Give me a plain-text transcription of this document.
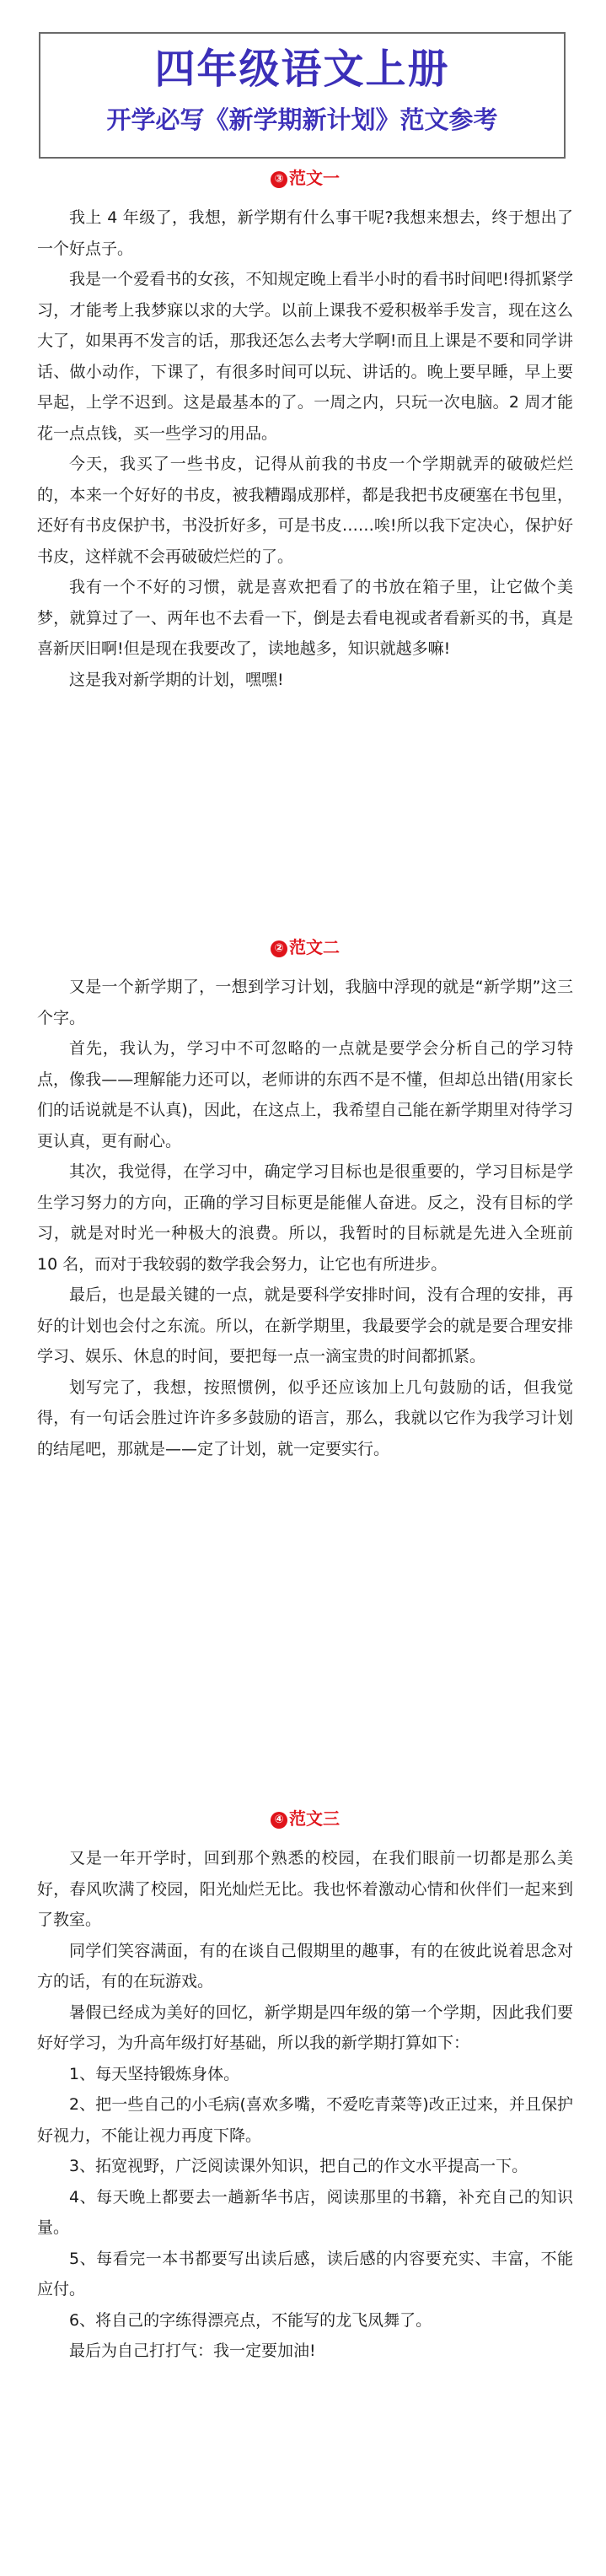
四年级语文上册
开学必写《新学期新计划》范文参考
③ 范文一

我上 4 年级了，我想，新学期有什么事干呢?我想来想去，终于想出了一个好点子。

我是一个爱看书的女孩，不知规定晚上看半小时的看书时间吧!得抓紧学习，才能考上我梦寐以求的大学。以前上课我不爱积极举手发言，现在这么大了，如果再不发言的话，那我还怎么去考大学啊!而且上课是不要和同学讲话、做小动作，下课了，有很多时间可以玩、讲话的。晚上要早睡，早上要早起，上学不迟到。这是最基本的了。一周之内，只玩一次电脑。2 周才能花一点点钱，买一些学习的用品。

今天，我买了一些书皮，记得从前我的书皮一个学期就弄的破破烂烂的，本来一个好好的书皮，被我糟蹋成那样，都是我把书皮硬塞在书包里，还好有书皮保护书，书没折好多，可是书皮……唉!所以我下定决心，保护好书皮，这样就不会再破破烂烂的了。

我有一个不好的习惯，就是喜欢把看了的书放在箱子里，让它做个美梦，就算过了一、两年也不去看一下，倒是去看电视或者看新买的书，真是喜新厌旧啊!但是现在我要改了，读地越多，知识就越多嘛!

这是我对新学期的计划，嘿嘿!

② 范文二

又是一个新学期了，一想到学习计划，我脑中浮现的就是“新学期”这三个字。

首先，我认为，学习中不可忽略的一点就是要学会分析自己的学习特点，像我——理解能力还可以，老师讲的东西不是不懂，但却总出错(用家长们的话说就是不认真)，因此，在这点上，我希望自己能在新学期里对待学习更认真，更有耐心。

其次，我觉得，在学习中，确定学习目标也是很重要的，学习目标是学生学习努力的方向，正确的学习目标更是能催人奋进。反之，没有目标的学习，就是对时光一种极大的浪费。所以，我暂时的目标就是先进入全班前 10 名，而对于我较弱的数学我会努力，让它也有所进步。

最后，也是最关键的一点，就是要科学安排时间，没有合理的安排，再好的计划也会付之东流。所以，在新学期里，我最要学会的就是要合理安排学习、娱乐、休息的时间，要把每一点一滴宝贵的时间都抓紧。

划写完了，我想，按照惯例，似乎还应该加上几句鼓励的话，但我觉得，有一句话会胜过许许多多鼓励的语言，那么，我就以它作为我学习计划的结尾吧，那就是——定了计划，就一定要实行。

④ 范文三

又是一年开学时，回到那个熟悉的校园，在我们眼前一切都是那么美好，春风吹满了校园，阳光灿烂无比。我也怀着激动心情和伙伴们一起来到了教室。

同学们笑容满面，有的在谈自己假期里的趣事，有的在彼此说着思念对方的话，有的在玩游戏。

暑假已经成为美好的回忆，新学期是四年级的第一个学期，因此我们要好好学习，为升高年级打好基础，所以我的新学期打算如下：

1、每天坚持锻炼身体。

2、把一些自己的小毛病(喜欢多嘴，不爱吃青菜等)改正过来，并且保护好视力，不能让视力再度下降。

3、拓宽视野，广泛阅读课外知识，把自己的作文水平提高一下。

4、每天晚上都要去一趟新华书店，阅读那里的书籍，补充自己的知识量。

5、每看完一本书都要写出读后感，读后感的内容要充实、丰富，不能应付。

6、将自己的字练得漂亮点，不能写的龙飞凤舞了。

最后为自己打打气：我一定要加油!
